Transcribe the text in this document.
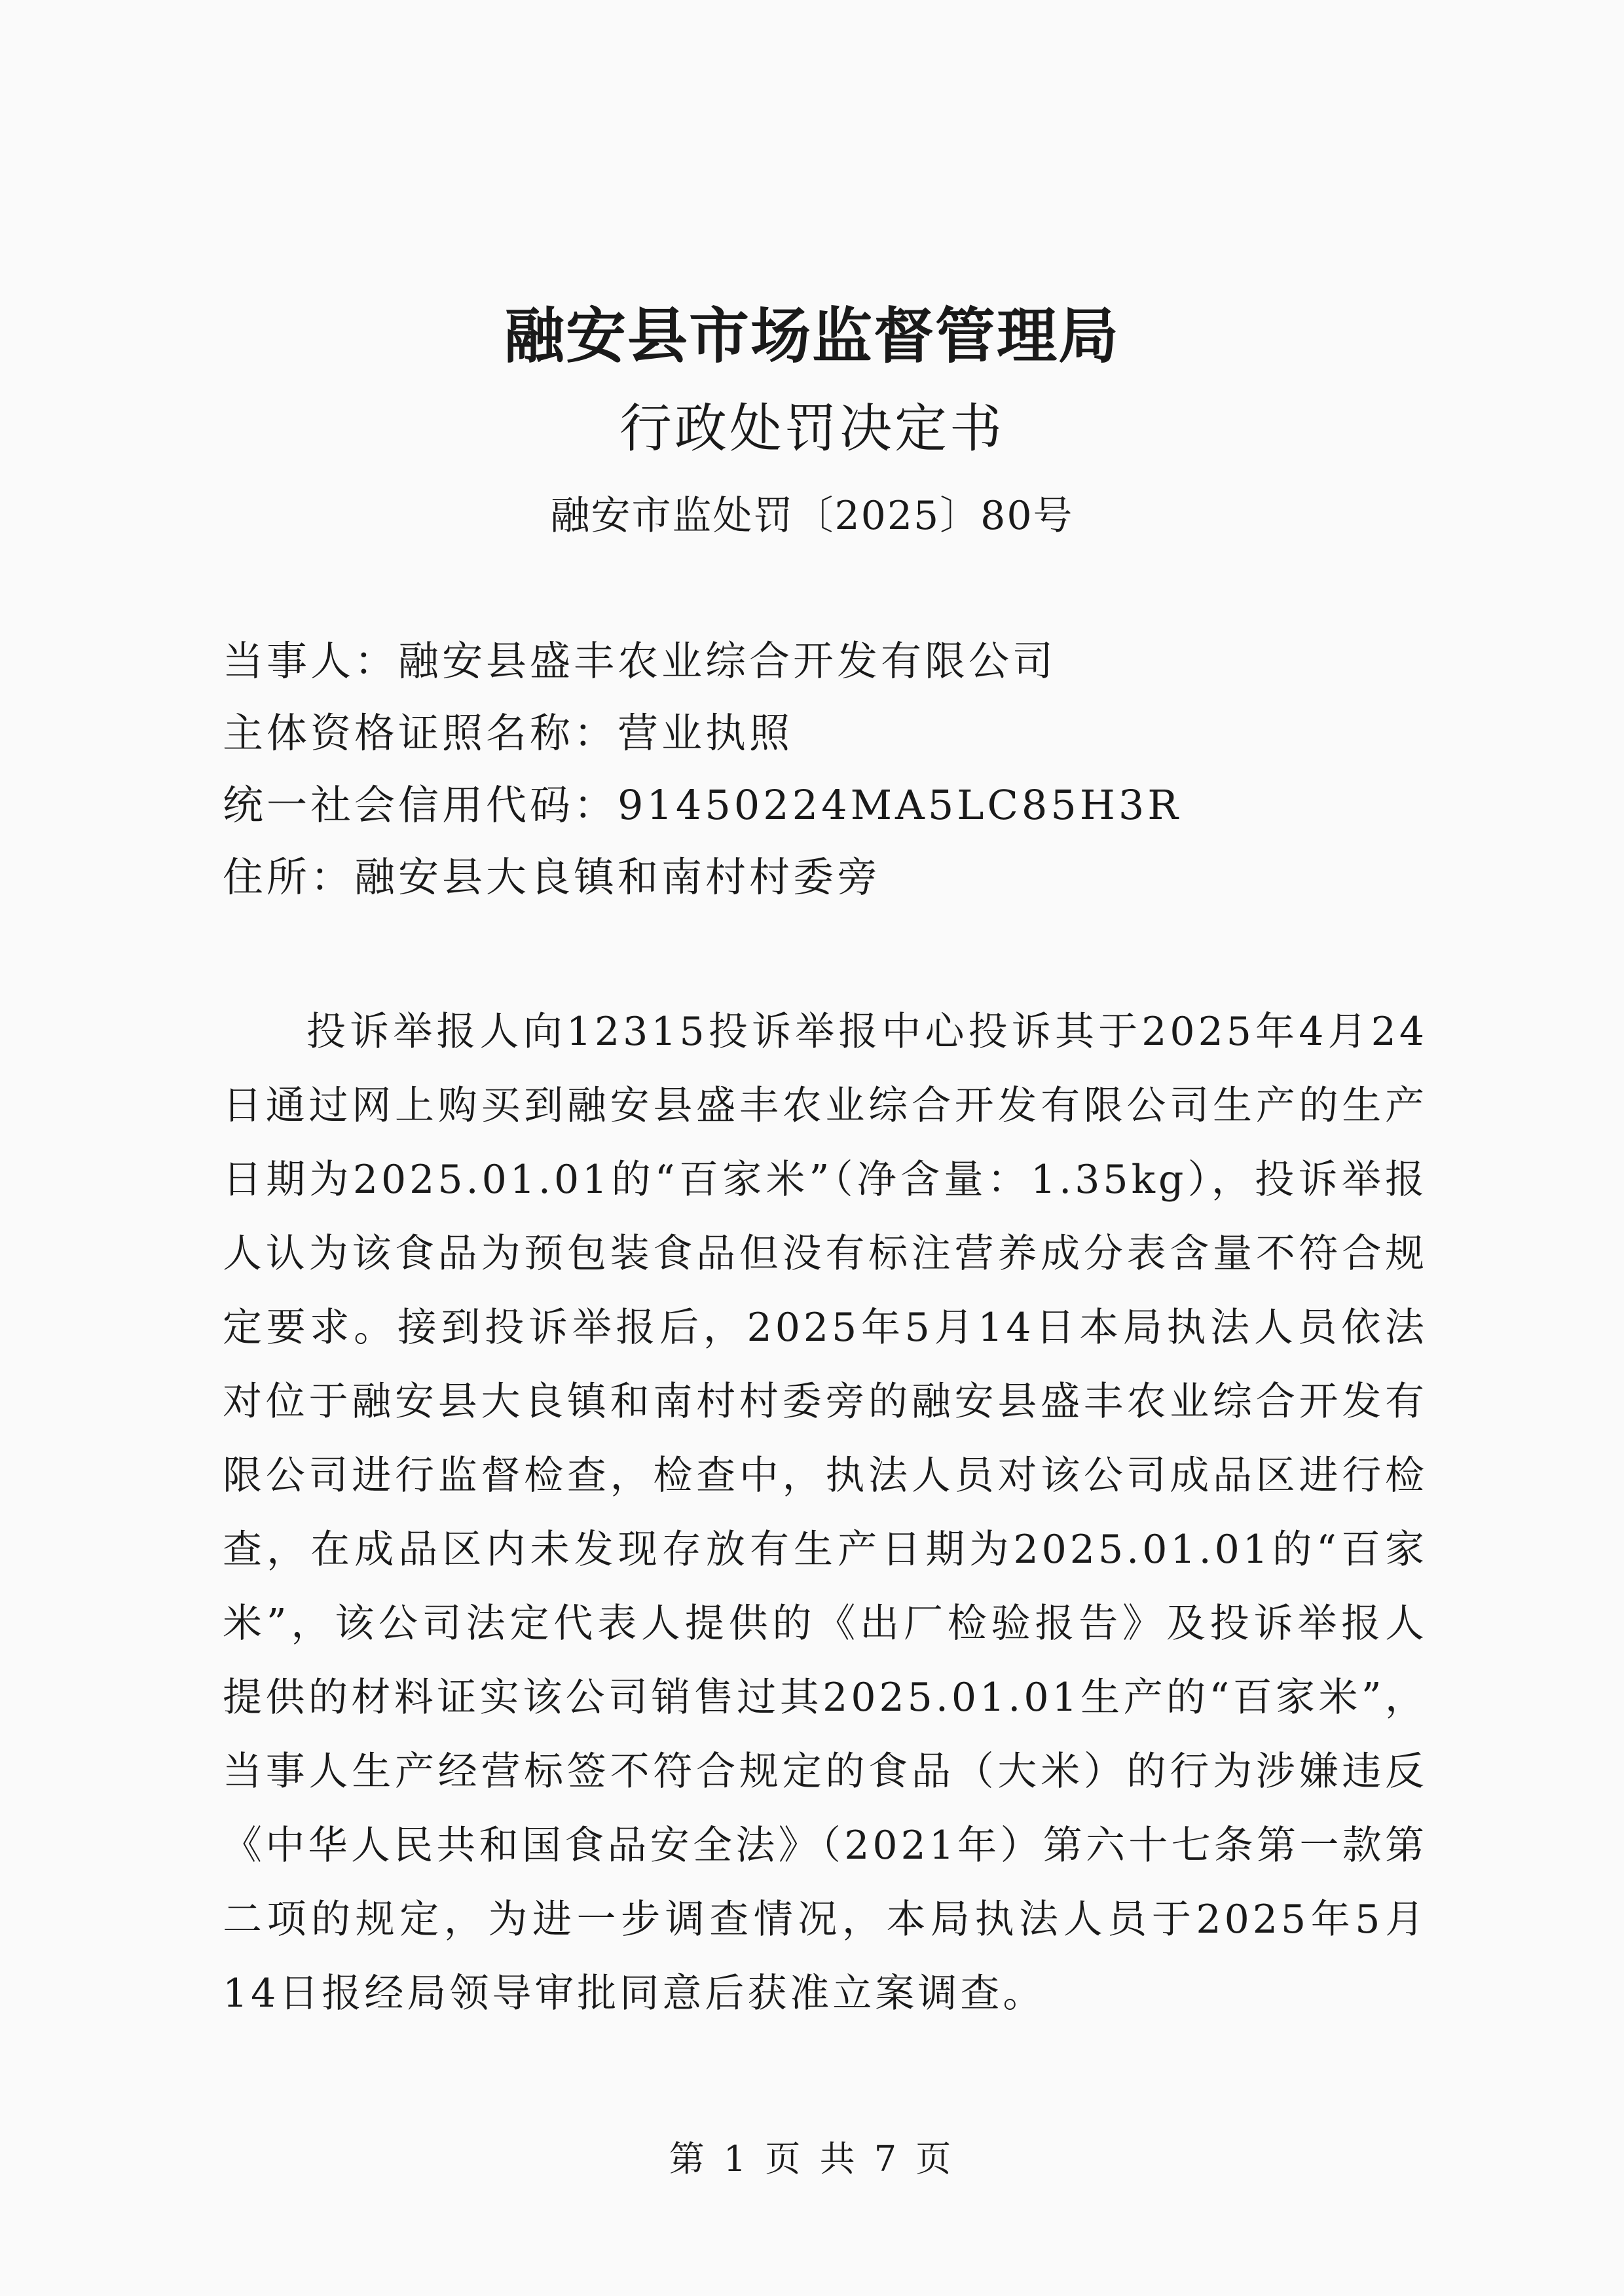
融安县市场监督管理局
行政处罚决定书
融安市监处罚〔2025〕80号
当事人：融安县盛丰农业综合开发有限公司
主体资格证照名称：营业执照
统一社会信用代码：91450224MA5LC85H3R
住所：融安县大良镇和南村村委旁
投诉举报人向12315投诉举报中心投诉其于2025年4月24日通过网上购买到融安县盛丰农业综合开发有限公司生产的生产日期为2025.01.01的“百家米”（净含量：1.35kg），投诉举报人认为该食品为预包装食品但没有标注营养成分表含量不符合规定要求。接到投诉举报后，2025年5月14日本局执法人员依法对位于融安县大良镇和南村村委旁的融安县盛丰农业综合开发有限公司进行监督检查，检查中，执法人员对该公司成品区进行检查，在成品区内未发现存放有生产日期为2025.01.01的“百家米”，该公司法定代表人提供的《出厂检验报告》及投诉举报人提供的材料证实该公司销售过其2025.01.01生产的“百家米”，当事人生产经营标签不符合规定的食品（大米）的行为涉嫌违反《中华人民共和国食品安全法》（2021年）第六十七条第一款第二项的规定，为进一步调查情况，本局执法人员于2025年5月14日报经局领导审批同意后获准立案调查。
第 1 页 共 7 页
